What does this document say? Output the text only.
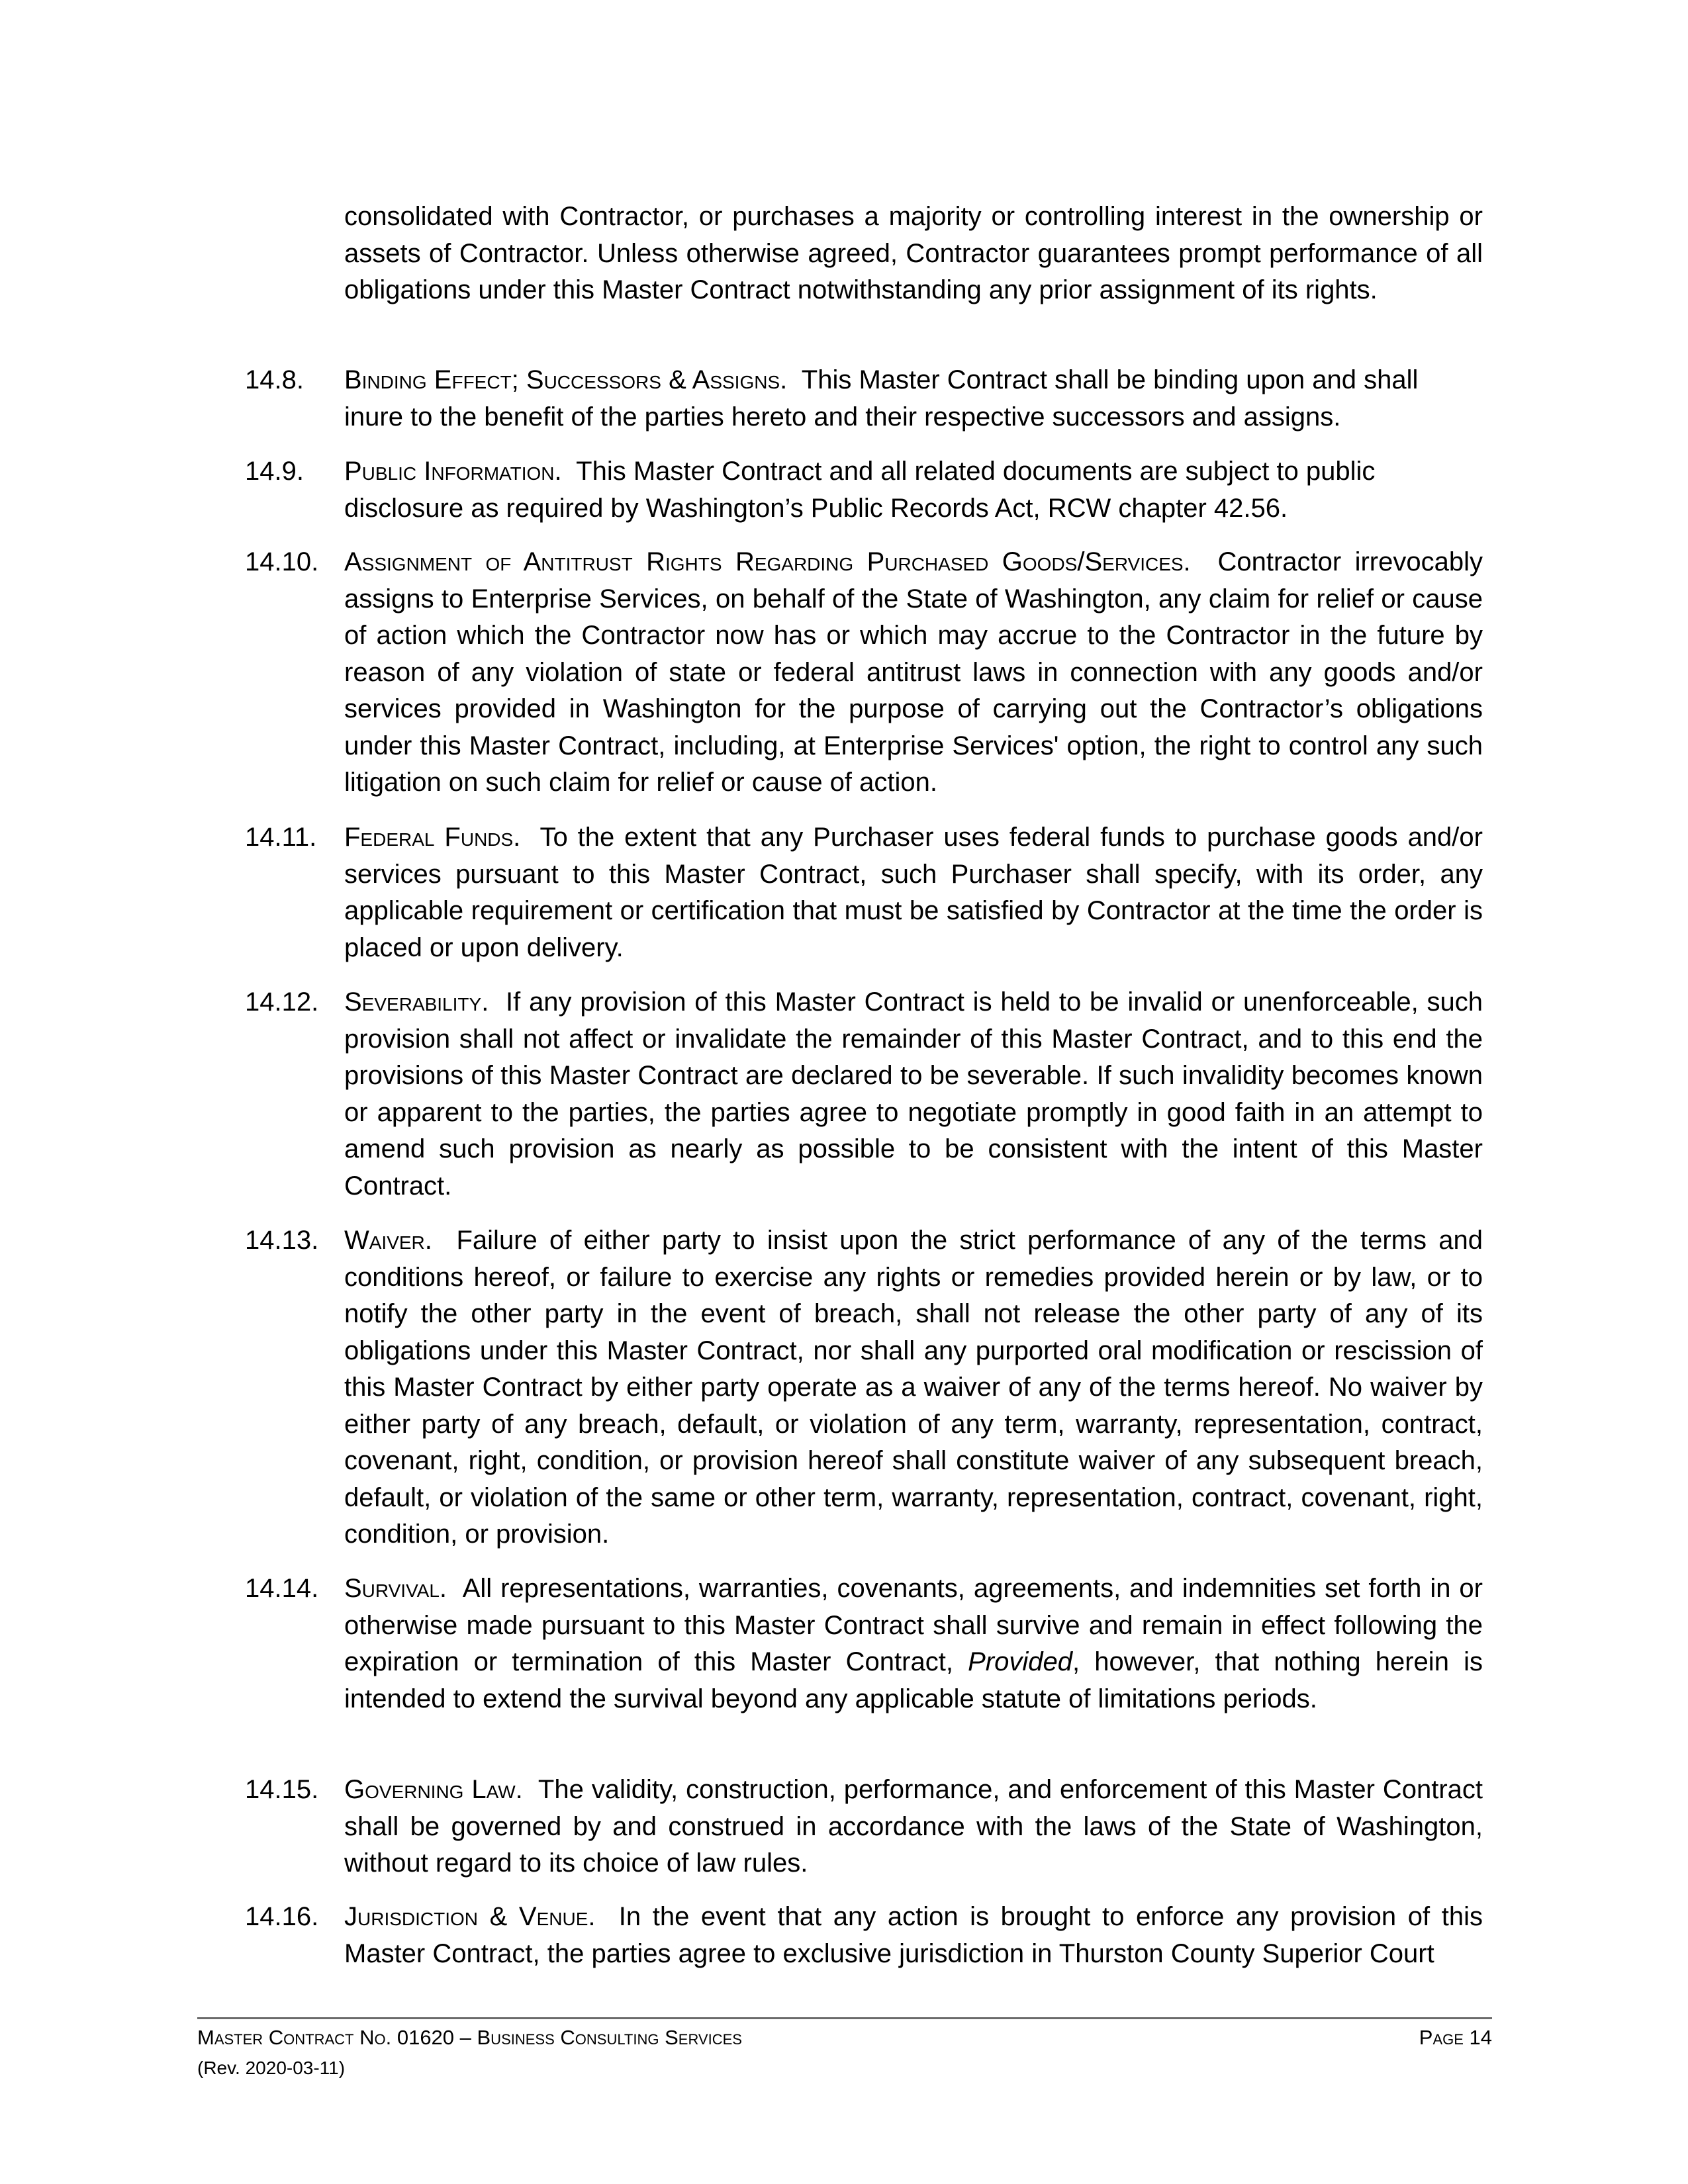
consolidated with Contractor, or purchases a majority or controlling interest in the ownership or assets of Contractor. Unless otherwise agreed, Contractor guarantees prompt performance of all obligations under this Master Contract notwithstanding any prior assignment of its rights.
14.8. Binding Effect; Successors & Assigns. This Master Contract shall be binding upon and shall inure to the benefit of the parties hereto and their respective successors and assigns.
14.9. Public Information. This Master Contract and all related documents are subject to public disclosure as required by Washington’s Public Records Act, RCW chapter 42.56.
14.10. Assignment of Antitrust Rights Regarding Purchased Goods/Services. Contractor irrevocably assigns to Enterprise Services, on behalf of the State of Washington, any claim for relief or cause of action which the Contractor now has or which may accrue to the Contractor in the future by reason of any violation of state or federal antitrust laws in connection with any goods and/or services provided in Washington for the purpose of carrying out the Contractor’s obligations under this Master Contract, including, at Enterprise Services' option, the right to control any such litigation on such claim for relief or cause of action.
14.11. Federal Funds. To the extent that any Purchaser uses federal funds to purchase goods and/or services pursuant to this Master Contract, such Purchaser shall specify, with its order, any applicable requirement or certification that must be satisfied by Contractor at the time the order is placed or upon delivery.
14.12. Severability. If any provision of this Master Contract is held to be invalid or unenforceable, such provision shall not affect or invalidate the remainder of this Master Contract, and to this end the provisions of this Master Contract are declared to be severable. If such invalidity becomes known or apparent to the parties, the parties agree to negotiate promptly in good faith in an attempt to amend such provision as nearly as possible to be consistent with the intent of this Master Contract.
14.13. Waiver. Failure of either party to insist upon the strict performance of any of the terms and conditions hereof, or failure to exercise any rights or remedies provided herein or by law, or to notify the other party in the event of breach, shall not release the other party of any of its obligations under this Master Contract, nor shall any purported oral modification or rescission of this Master Contract by either party operate as a waiver of any of the terms hereof. No waiver by either party of any breach, default, or violation of any term, warranty, representation, contract, covenant, right, condition, or provision hereof shall constitute waiver of any subsequent breach, default, or violation of the same or other term, warranty, representation, contract, covenant, right, condition, or provision.
14.14. Survival. All representations, warranties, covenants, agreements, and indemnities set forth in or otherwise made pursuant to this Master Contract shall survive and remain in effect following the expiration or termination of this Master Contract, Provided, however, that nothing herein is intended to extend the survival beyond any applicable statute of limitations periods.
14.15. Governing Law. The validity, construction, performance, and enforcement of this Master Contract shall be governed by and construed in accordance with the laws of the State of Washington, without regard to its choice of law rules.
14.16. Jurisdiction & Venue. In the event that any action is brought to enforce any provision of this Master Contract, the parties agree to exclusive jurisdiction in Thurston County Superior Court
Master Contract No. 01620 – Business Consulting Services
(Rev. 2020-03-11)
Page 14
